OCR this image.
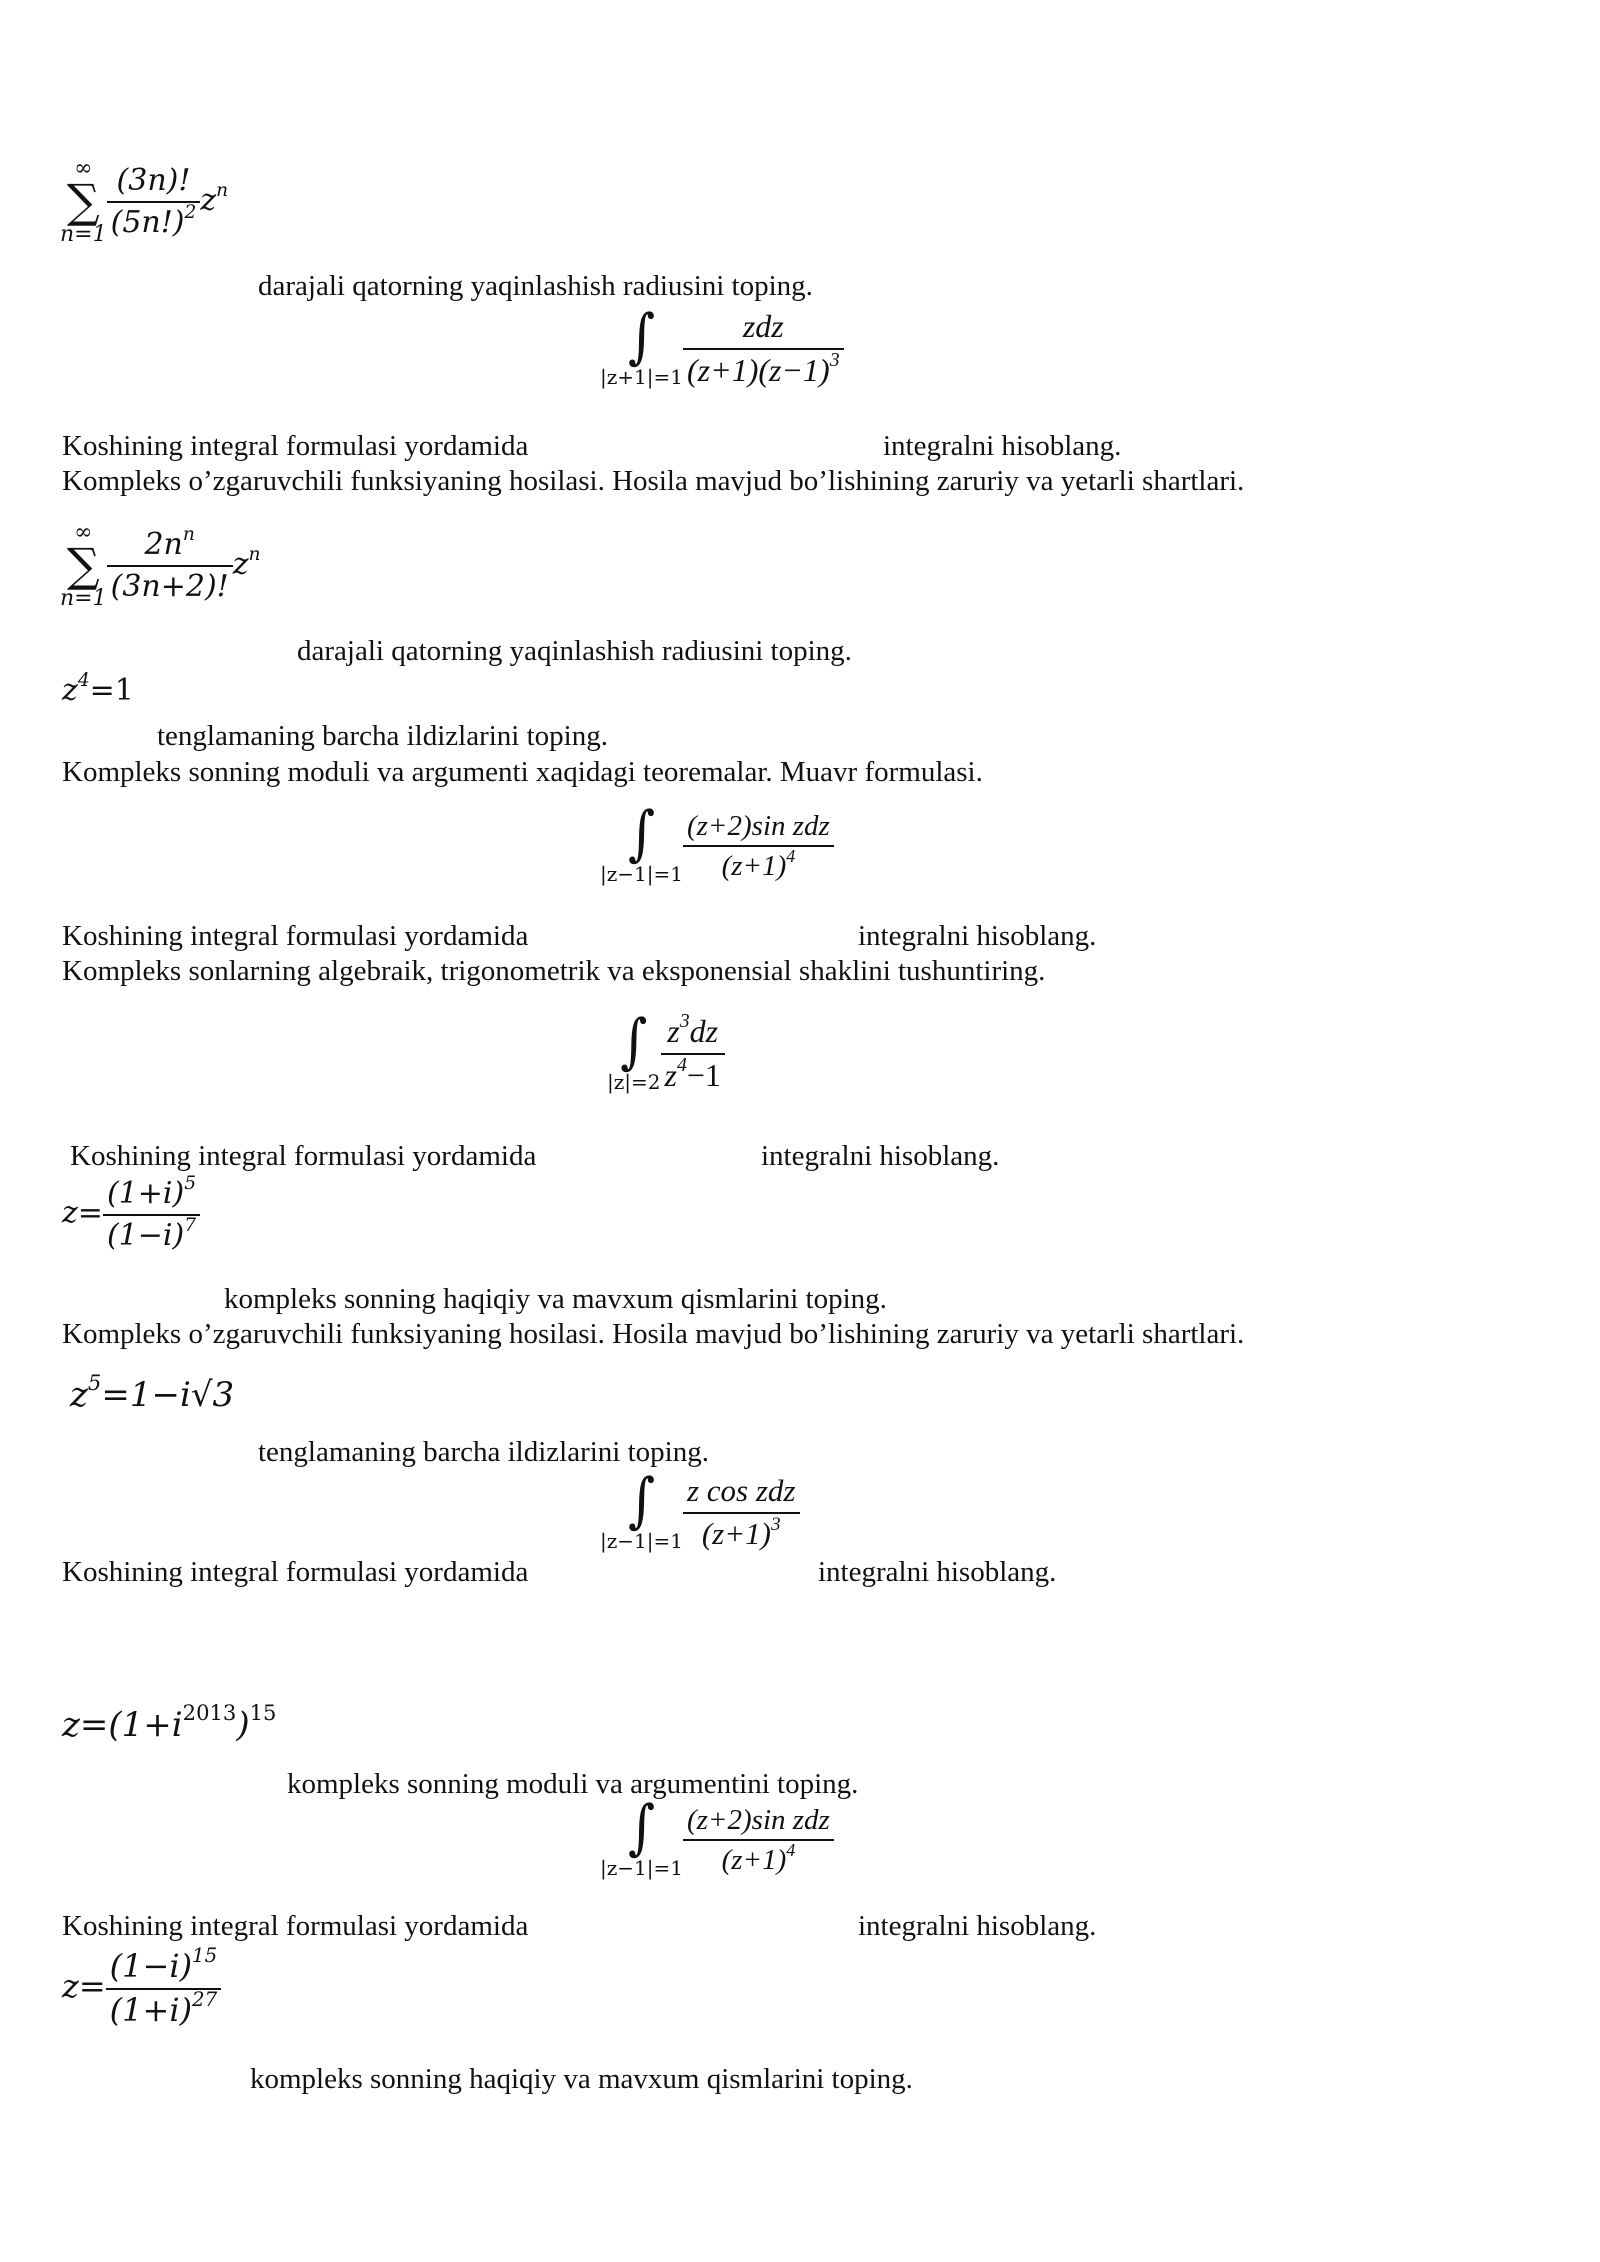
∞
∑
$n=1 \frac{(3n)!}{(5n!)^2} z^n$
darajali qatorning yaqinlashish radiusini toping.
∫
$|z+1|=1 \frac{\text{zdz}}{(z+1)(z-1)^3}$
Koshining integral formulasi yordamida	integralni hisoblang.
Kompleks o’zgaruvchili funksiyaning hosilasi. Hosila mavjud bo’lishining zaruriy va yetarli shartlari.
∞
∑
$n=1 \frac{2n^n}{(3n+2)!} z^n$
darajali qatorning yaqinlashish radiusini toping.
$z^4=1$
tenglamaning barcha ildizlarini toping.
Kompleks sonning moduli va argumenti xaqidagi teoremalar. Muavr formulasi.
∫
$|z-1|=1 \frac{\text{(z+2)sin zdz}}{(z+1)^4}$
Koshining integral formulasi yordamida	integralni hisoblang.
Kompleks sonlarning algebraik, trigonometrik va eksponensial shaklini tushuntiring.
∫
$|z|=2 \frac{z^3dz}{z^4-1}$
Koshining integral formulasi yordamida	integralni hisoblang.
$z= \frac{(1+i)^5}{(1-i)^7}$
kompleks sonning haqiqiy va mavxum qismlarini toping.
Kompleks o’zgaruvchili funksiyaning hosilasi. Hosila mavjud bo’lishining zaruriy va yetarli shartlari.
$z^5=1-i√3$
tenglamaning barcha ildizlarini toping.
∫
$|z-1|=1 \frac{\text{z cos zdz}}{(z+1)^3}$
Koshining integral formulasi yordamida	integralni hisoblang.
$z=(1+i^{2013})^{15}$
kompleks sonning moduli va argumentini toping.
∫
$|z-1|=1 \frac{\text{(z+2)sin zdz}}{(z+1)^4}$
Koshining integral formulasi yordamida	integralni hisoblang.
$z= \frac{(1-i)^{15}}{(1+i)^{27}}$
kompleks sonning haqiqiy va mavxum qismlarini toping.
